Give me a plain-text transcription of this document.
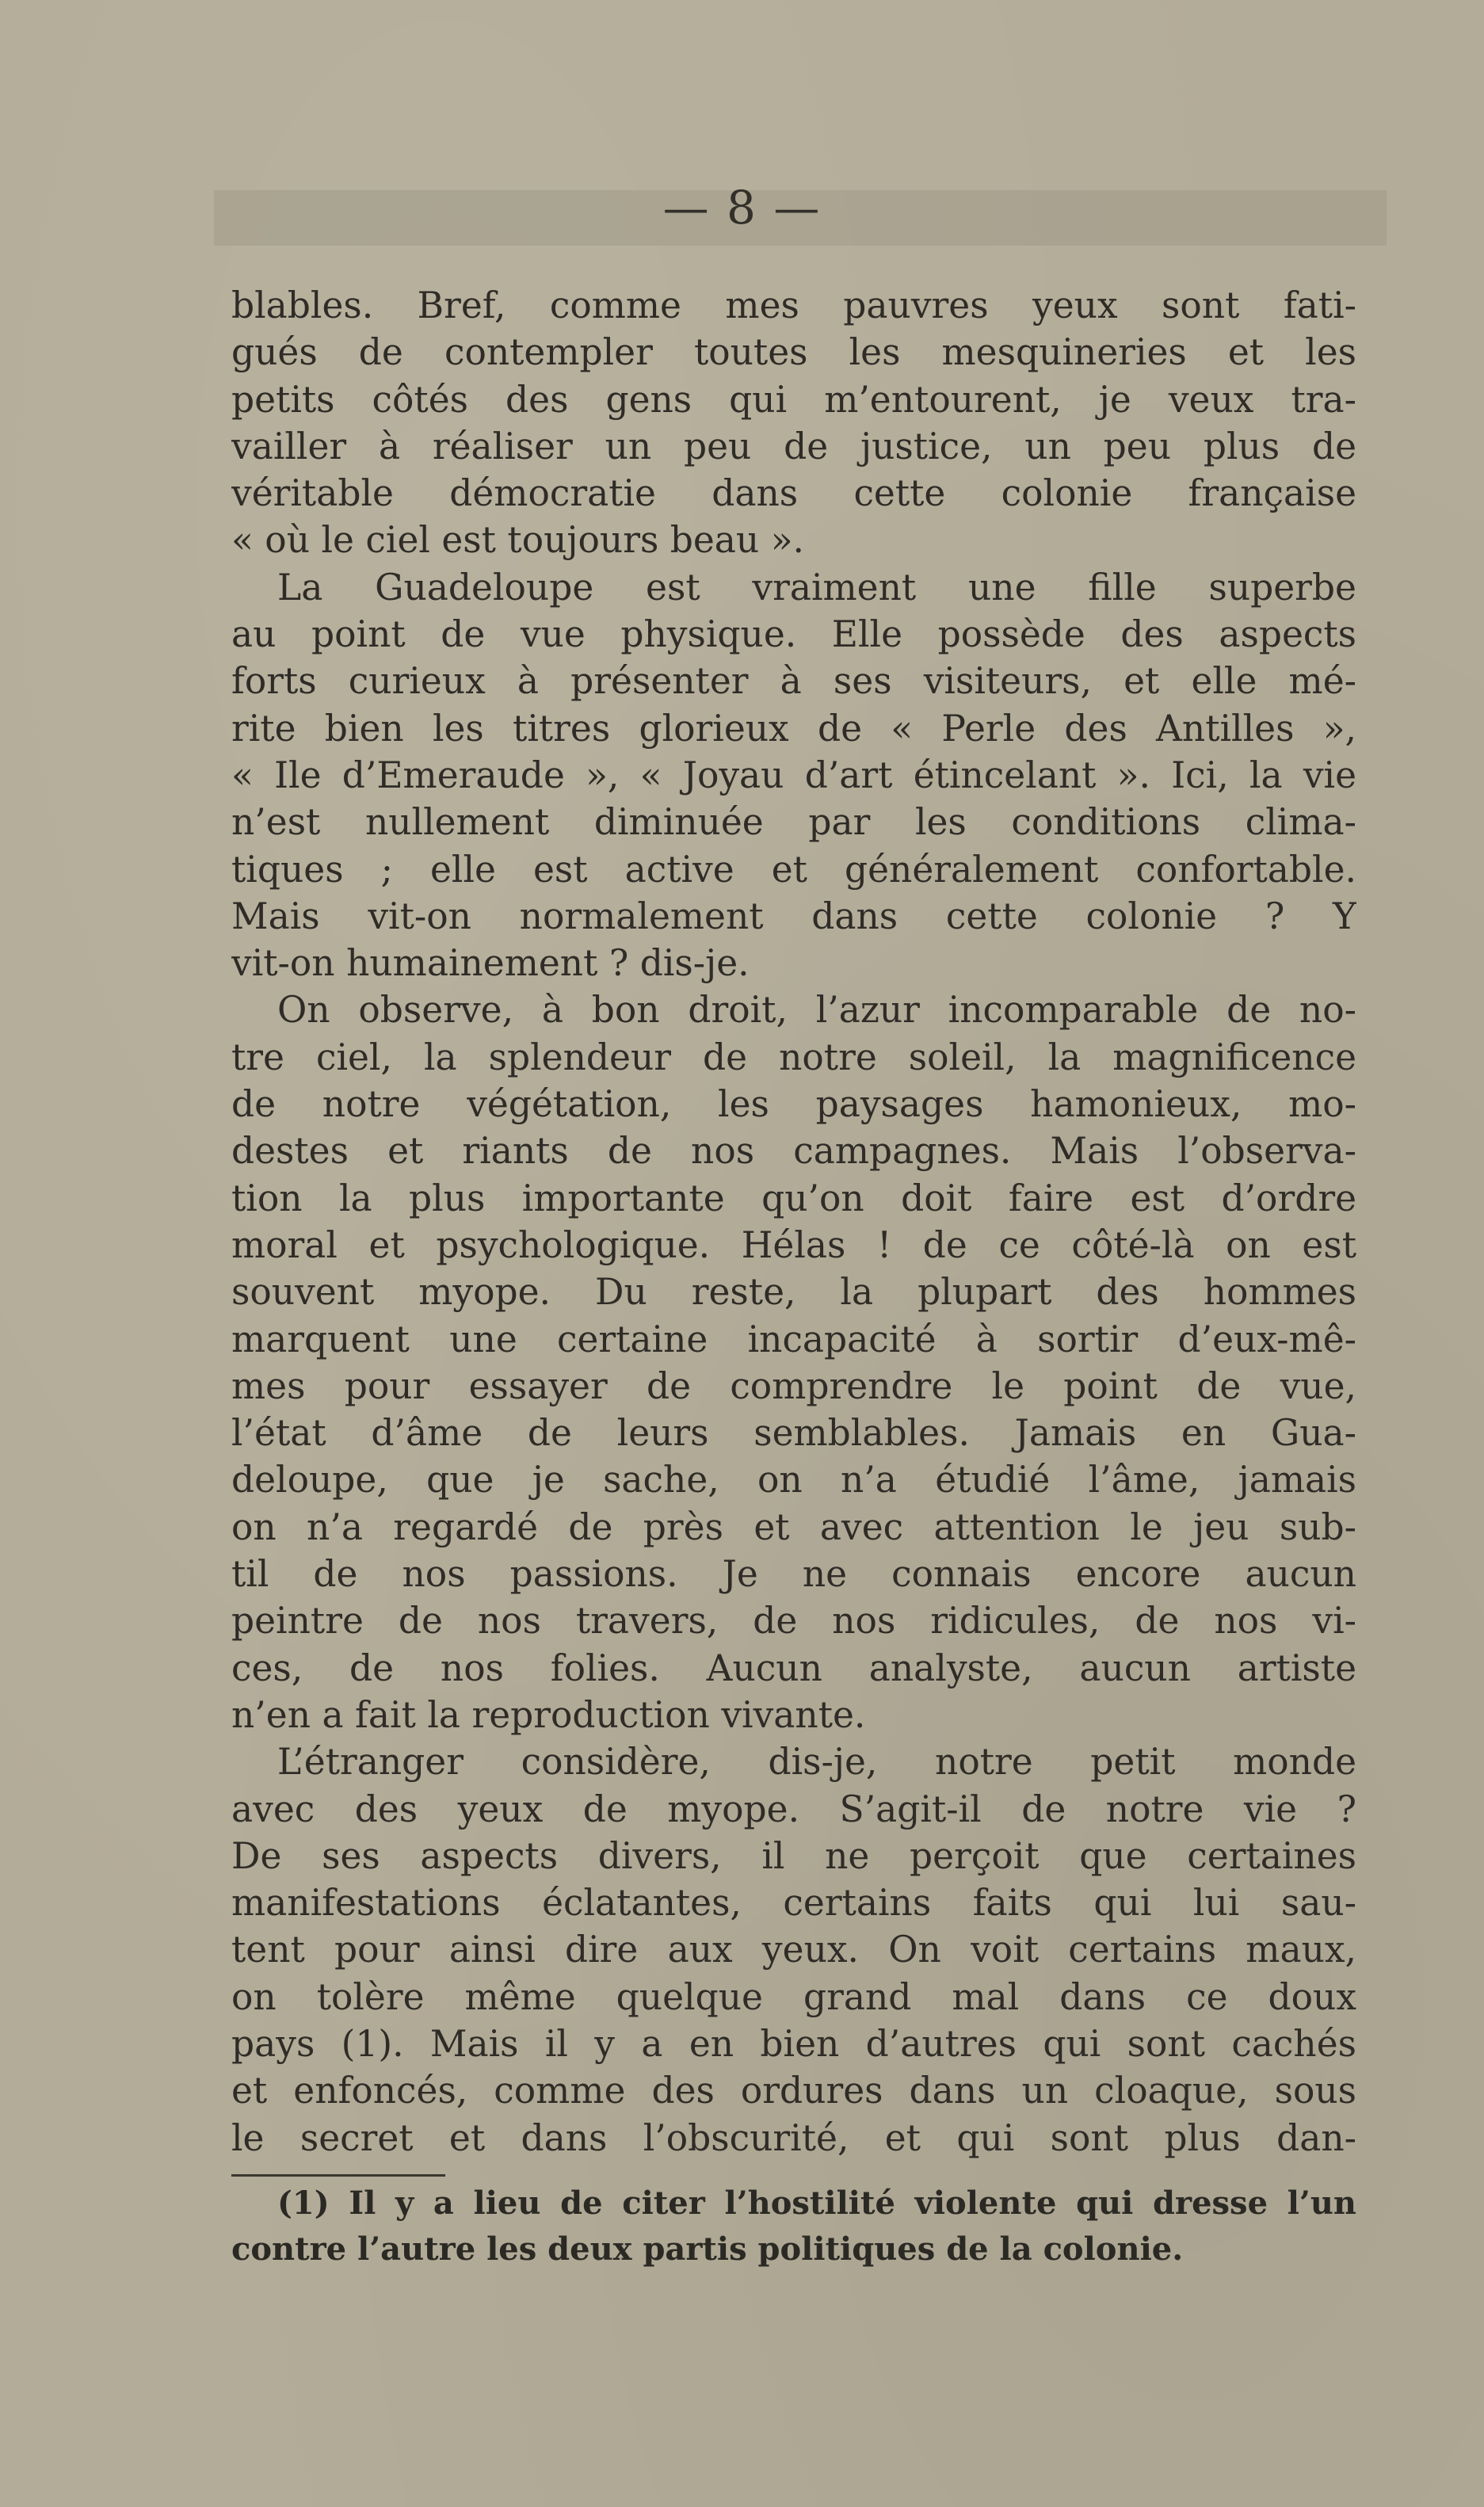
— 8 —
blables. Bref, comme mes pauvres yeux sont fati-
gués de contempler toutes les mesquineries et les
petits côtés des gens qui m’entourent, je veux tra-
vailler à réaliser un peu de justice, un peu plus de
véritable démocratie dans cette colonie française
« où le ciel est toujours beau ».
La Guadeloupe est vraiment une fille superbe
au point de vue physique. Elle possède des aspects
forts curieux à présenter à ses visiteurs, et elle mé-
rite bien les titres glorieux de « Perle des Antilles »,
« Ile d’Emeraude », « Joyau d’art étincelant ». Ici, la vie
n’est nullement diminuée par les conditions clima-
tiques ; elle est active et généralement confortable.
Mais vit-on normalement dans cette colonie ? Y
vit-on humainement ? dis-je.
On observe, à bon droit, l’azur incomparable de no-
tre ciel, la splendeur de notre soleil, la magnificence
de notre végétation, les paysages hamonieux, mo-
destes et riants de nos campagnes. Mais l’observa-
tion la plus importante qu’on doit faire est d’ordre
moral et psychologique. Hélas ! de ce côté-là on est
souvent myope. Du reste, la plupart des hommes
marquent une certaine incapacité à sortir d’eux-mê-
mes pour essayer de comprendre le point de vue,
l’état d’âme de leurs semblables. Jamais en Gua-
deloupe, que je sache, on n’a étudié l’âme, jamais
on n’a regardé de près et avec attention le jeu sub-
til de nos passions. Je ne connais encore aucun
peintre de nos travers, de nos ridicules, de nos vi-
ces, de nos folies. Aucun analyste, aucun artiste
n’en a fait la reproduction vivante.
L’étranger considère, dis-je, notre petit monde
avec des yeux de myope. S’agit-il de notre vie ?
De ses aspects divers, il ne perçoit que certaines
manifestations éclatantes, certains faits qui lui sau-
tent pour ainsi dire aux yeux. On voit certains maux,
on tolère même quelque grand mal dans ce doux
pays (1). Mais il y a en bien d’autres qui sont cachés
et enfoncés, comme des ordures dans un cloaque, sous
le secret et dans l’obscurité, et qui sont plus dan-
(1) Il y a lieu de citer l’hostilité violente qui dresse l’un
contre l’autre les deux partis politiques de la colonie.
